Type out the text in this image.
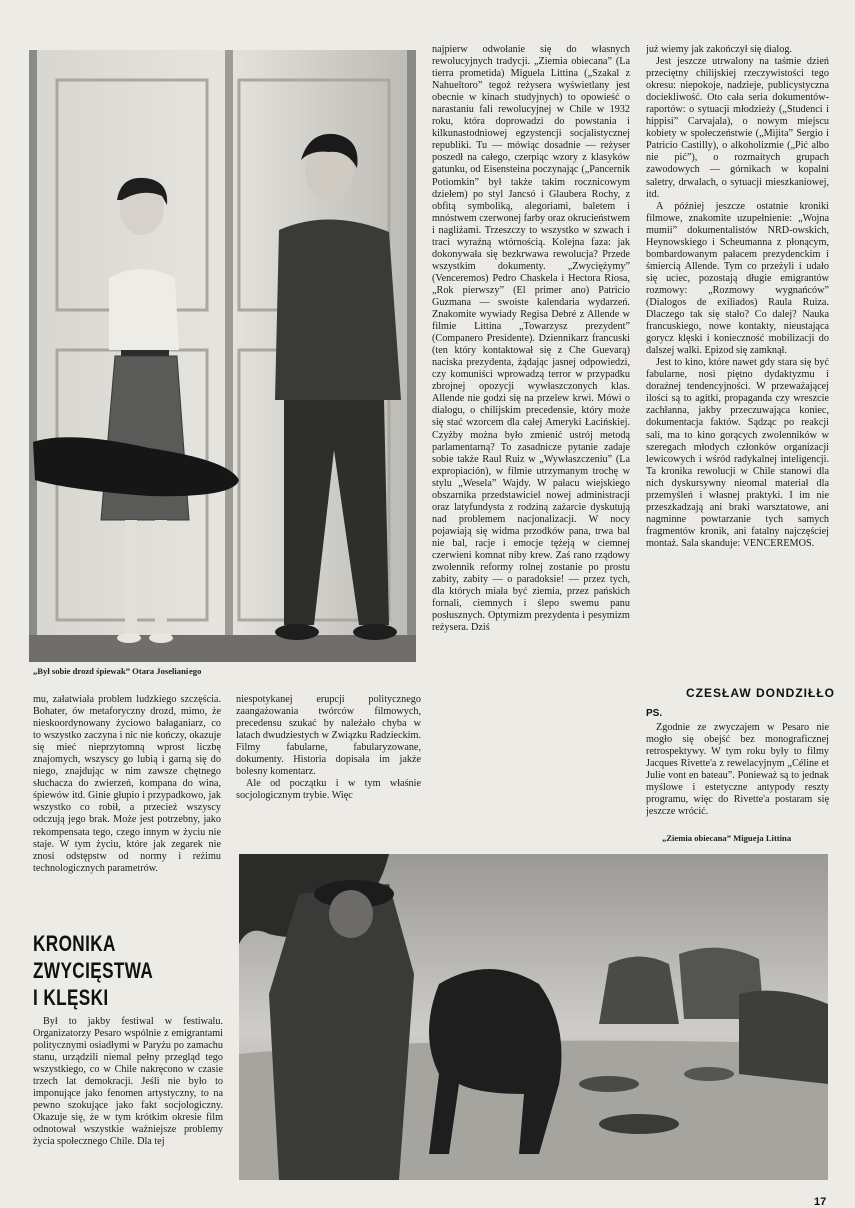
„Był sobie drozd śpiewak” Otara Joseliani ego

najpierw odwołanie się do własnych rewolucyjnych tradycji. „Ziemia obiecana” (La tierra prometida) Miguela Littina („Szakal z Nahueltoro” tegoż reżysera wyświetlany jest obecnie w kinach studyjnych) to opowieść o narastaniu fali rewolucyjnej w Chile w 1932 roku, która doprowadzi do powstania i kilkunastodniowej egzystencji socjalistycznej republiki. Tu — mówiąc dosadnie — reżyser poszedł na całego, czerpiąc wzory z klasyków gatunku, od Eisensteina poczynając („Pancernik Potiomkin” był także takim rocznicowym dziełem) po styl Jancsó i Glaubera Rochy, z obfitą symboliką, alegoriami, baletem i mnóstwem czerwonej farby oraz okrucieństwem i nagliżami. Trzeszczy to wszystko w szwach i traci wyraźną wtórnością. Kolejna faza: jak dokonywała się bezkrwawa rewolucja? Przede wszystkim dokumenty. „Zwyciężymy” (Venceremos) Pedro Chaskela i Hectora Riosa, „Rok pierwszy” (El primer ano) Patricio Guzmana — swoiste kalendaria wydarzeń. Znakomite wywiady Regisa Debré z Allende w filmie Littina „Towarzysz prezydent” (Companero Presidente). Dziennikarz francuski (ten który kontaktował się z Che Guevarą) naciska prezydenta, żądając jasnej odpowiedzi, czy komuniści wprowadzą terror w przypadku zbrojnej opozycji wywłaszczonych klas. Allende nie godzi się na przelew krwi. Mówi o dialogu, o chilijskim precedensie, który może się stać wzorcem dla całej Ameryki Łacińskiej. Czyżby można było zmienić ustrój metodą parlamentarną? To zasadnicze pytanie zadaje sobie także Raul Ruiz w „Wywłaszczeniu” (La expropiación), w filmie utrzymanym trochę w stylu „Wesela” Wajdy. W pałacu wiejskiego obszarnika przedstawiciel nowej administracji oraz latyfundysta z rodziną zażarcie dyskutują nad problemem nacjonalizacji. W nocy pojawiają się widma przodków pana, trwa bal nie bal, racje i emocje tężeją w ciemnej czerwieni komnat niby krew. Zaś rano rządowy zwolennik reformy rolnej zostanie po prostu zabity, zabity — o paradoksie! — przez tych, dla których miała być ziemia, przez pańskich fornali, ciemnych i ślepo swemu panu posłusznych. Optymizm prezydenta i pesymizm reżysera. Dziś

już wiemy jak zakończył się dialog.

Jest jeszcze utrwalony na taśmie dzień przeciętny chilijskiej rzeczywistości tego okresu: niepokoje, nadzieje, publicystyczna dociekliwość. Oto cała seria dokumentów-raportów: o sytuacji młodzieży („Studenci i hippisi” Carvajala), o nowym miejscu kobiety w społeczeństwie („Mijita” Sergio i Patricio Castilly), o alkoholizmie („Pić albo nie pić”), o rozmaitych grupach zawodowych — górnikach w kopalni saletry, drwalach, o sytuacji mieszkaniowej, itd.

A później jeszcze ostatnie kroniki filmowe, znakomite uzupełnienie: „Wojna mumii” dokumentalistów NRD-owskich, Heynowskiego i Scheumanna z płonącym, bombardowanym pałacem prezydenckim i śmiercią Allende. Tym co przeżyli i udało się uciec, pozostają długie emigrantów rozmowy: „Rozmowy wygnańców” (Dialogos de exiliados) Raula Ruiza. Dlaczego tak się stało? Co dalej? Nauka francuskiego, nowe kontakty, nieustająca gorycz klęski i konieczność mobilizacji do dalszej walki. Epizod się zamknął.

Jest to kino, które nawet gdy stara się być fabularne, nosi piętno dydaktyzmu i doraźnej tendencyjności. W przeważającej ilości są to agitki, propaganda czy wreszcie zachłanna, jakby przeczuwająca koniec, dokumentacja faktów. Sądząc po reakcji sali, ma to kino gorących zwolenników w szeregach młodych członków organizacji lewicowych i wśród radykalnej inteligencji. Ta kronika rewolucji w Chile stanowi dla nich dyskursywny nieomal materiał dla przemyśleń i własnej praktyki. I im nie przeszkadzają ani braki warsztatowe, ani nagminne powtarzanie tych samych fragmentów kronik, ani fatalny najczęściej montaż. Sala skanduje: VENCEREMOS.

CZESŁAW DONDZIŁŁO
PS.

Zgodnie ze zwyczajem w Pesaro nie mogło się obejść bez monograficznej retrospektywy. W tym roku były to filmy Jacques Rivette'a z rewelacyjnym „Céline et Julie vont en bateau”. Ponieważ są to jednak myślowe i estetyczne antypody reszty programu, więc do Rivette'a postaram się jeszcze wrócić.

mu, załatwiała problem ludzkiego szczęścia. Bohater, ów metaforyczny drozd, mimo, że nieskoordynowany życiowo bałaganiarz, co to wszystko zaczyna i nic nie kończy, okazuje się mieć nieprzytomną wprost liczbę znajomych, wszyscy go lubią i garną się do niego, znajdując w nim zawsze chętnego słuchacza do zwierzeń, kompana do wina, śpiewów itd. Ginie głupio i przypadkowo, jak wszystko co robił, a przecież wszyscy odczują jego brak. Może jest potrzebny, jako rekompensata tego, czego innym w życiu nie staje. W tym życiu, które jak zegarek nie znosi odstępstw od normy i reżimu technologicznych parametrów.

niespotykanej erupcji politycznego zaangażowania twórców filmowych, precedensu szukać by należało chyba w latach dwudziestych w Związku Radzieckim. Filmy fabularne, fabularyzowane, dokumenty. Historia dopisała im jakże bolesny komentarz.

Ale od początku i w tym właśnie socjologicznym trybie. Więc

KRONIKA
ZWYCIĘSTWA
I KLĘSKI

Był to jakby festiwal w festiwalu. Organizatorzy Pesaro wspólnie z emigrantami politycznymi osiadłymi w Paryżu po zamachu stanu, urządzili niemal pełny przegląd tego wszystkiego, co w Chile nakręcono w czasie trzech lat demokracji. Jeśli nie było to imponujące jako fenomen artystyczny, to na pewno szokujące jako fakt socjologiczny. Okazuje się, że w tym krótkim okresie film odnotował wszystkie ważniejsze problemy życia społecznego Chile. Dla tej

„Ziemia obiecana” Migueja Littina
17
